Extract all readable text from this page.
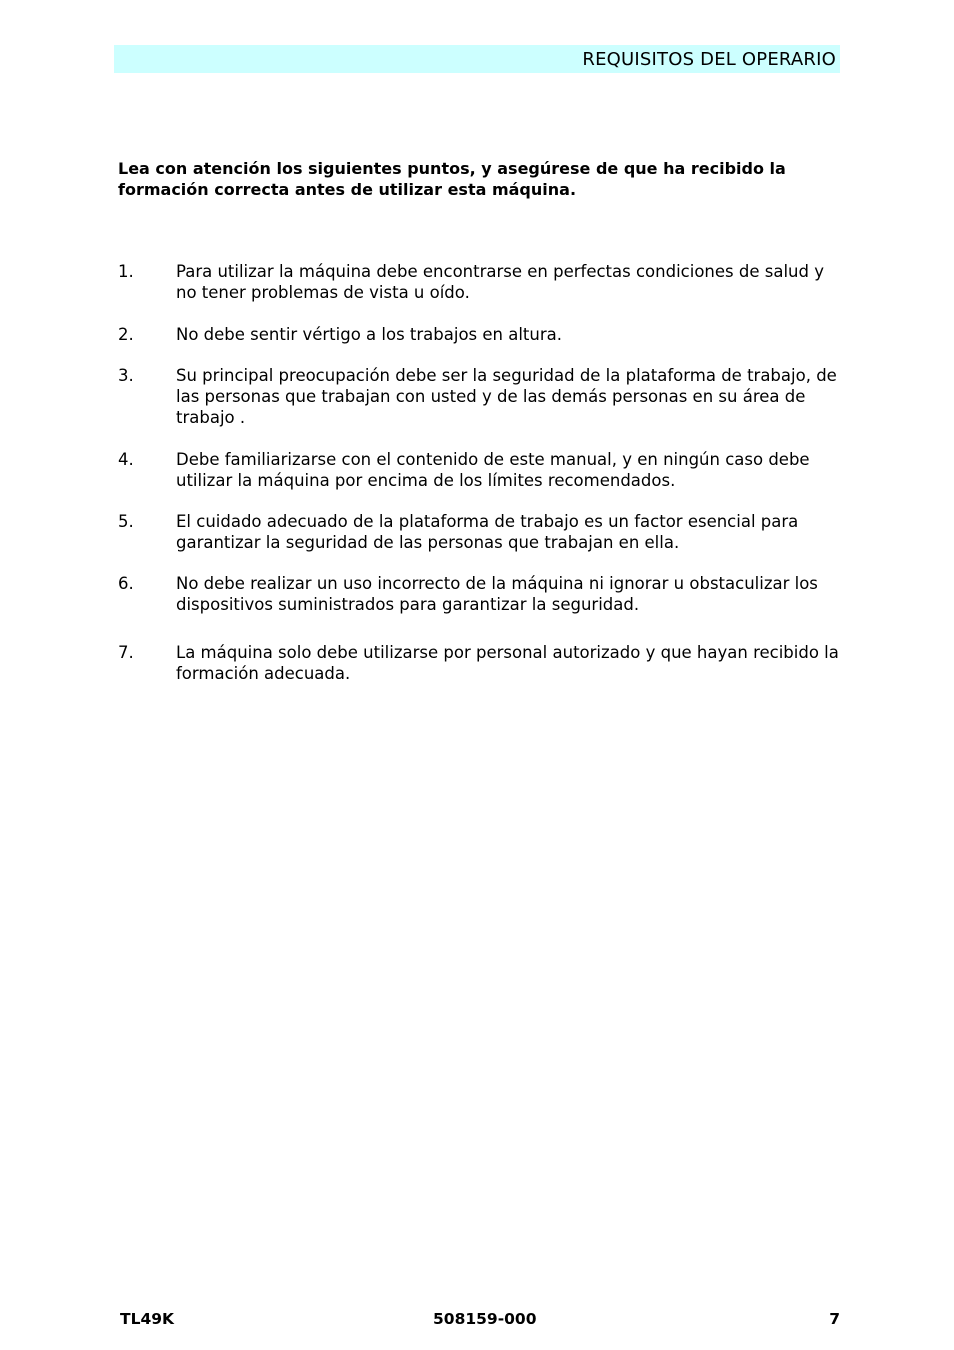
REQUISITOS DEL OPERARIO
Lea con atención los siguientes puntos, y asegúrese de que ha recibido la formación correcta antes de utilizar esta máquina.
1.	Para utilizar la máquina debe encontrarse en perfectas condiciones de salud y no tener problemas de vista u oído.
2.	No debe sentir vértigo a los trabajos en altura.
3.	Su principal preocupación debe ser la seguridad de la plataforma de trabajo, de las personas que trabajan con usted y de las demás personas en su área de trabajo .
4.	Debe familiarizarse con el contenido de este manual, y en ningún caso debe utilizar la máquina por encima de los límites recomendados.
5.	El cuidado adecuado de la plataforma de trabajo es un factor esencial para garantizar la seguridad de las personas que trabajan en ella.
6.	No debe realizar un uso incorrecto de la máquina ni ignorar u obstaculizar los dispositivos suministrados para garantizar la seguridad.
7.	La máquina solo debe utilizarse por personal autorizado y que hayan recibido la formación adecuada.
TL49K	508159-000	7
